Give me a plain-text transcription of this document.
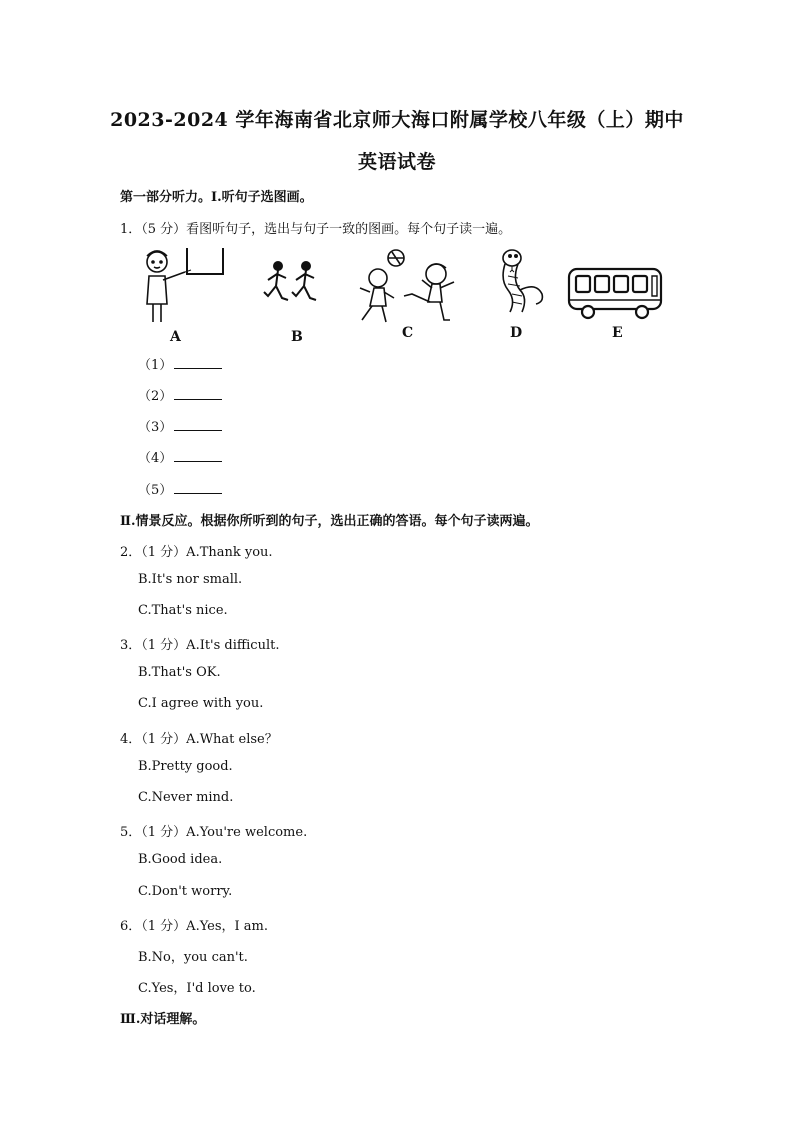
2023-2024 学年海南省北京师大海口附属学校八年级（上）期中
英语试卷
第一部分听力。Ⅰ.听句子选图画。
1．（5 分）看图听句子，选出与句子一致的图画。每个句子读一遍。
A	B	C	D	E
（1）
（2）
（3）
（4）
（5）
Ⅱ.情景反应。根据你所听到的句子，选出正确的答语。每个句子读两遍。
2．（1 分）A.Thank you.
B.It's nor small.
C.That's nice.
3．（1 分）A.It's difficult.
B.That's OK.
C.I agree with you.
4．（1 分）A.What else？
B.Pretty good.
C.Never mind.
5．（1 分）A.You're welcome.
B.Good idea.
C.Don't worry.
6．（1 分）A.Yes，I am.
B.No，you can't.
C.Yes，I'd love to.
Ⅲ.对话理解。
